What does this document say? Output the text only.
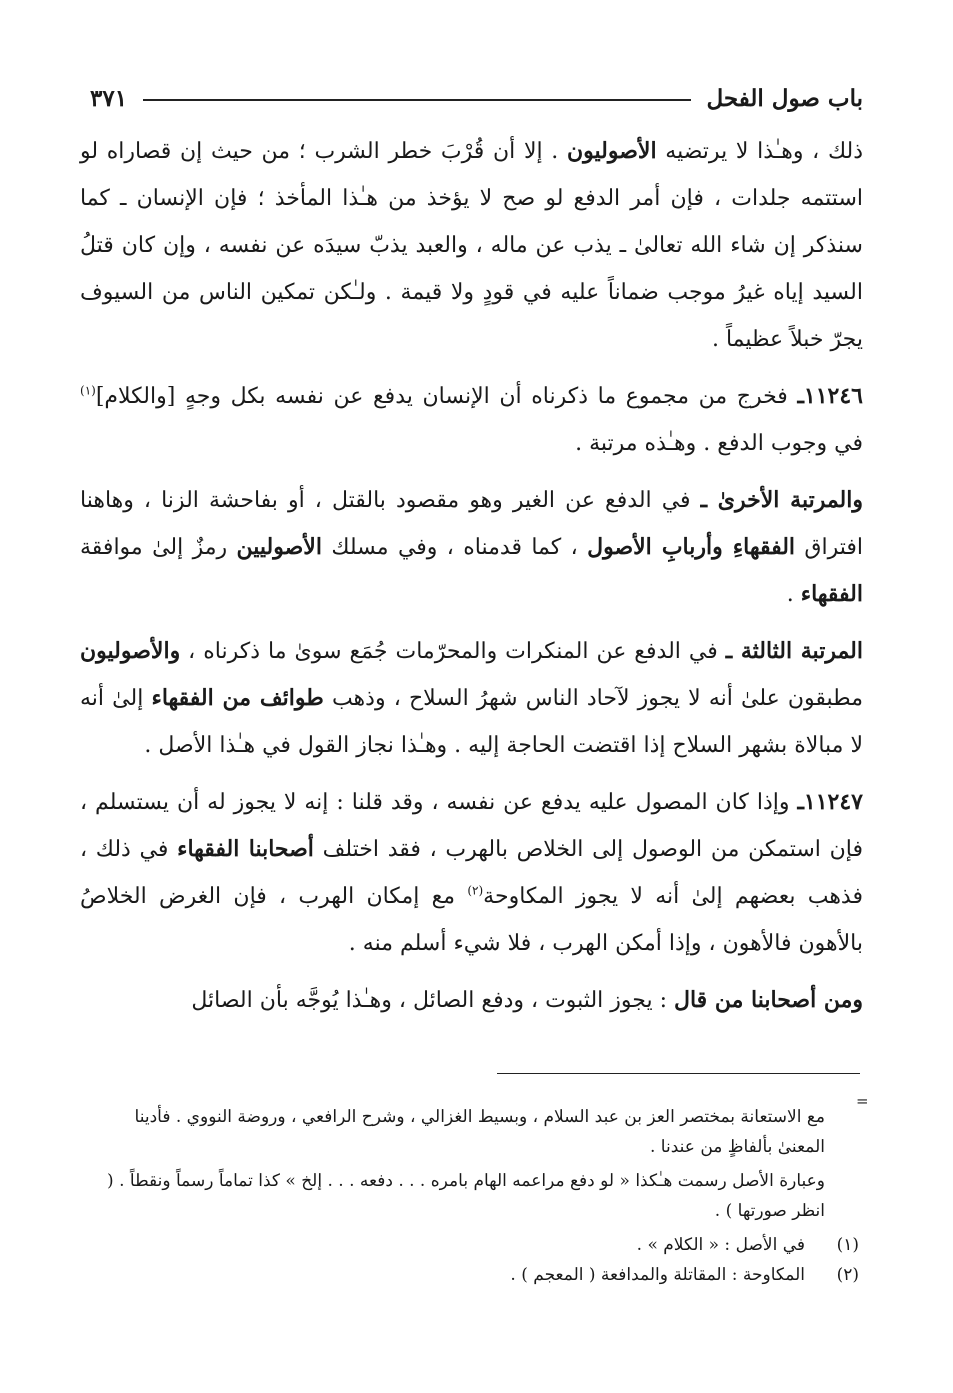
باب صول الفحل
٣٧١

ذلك ، وهـٰذا لا يرتضيه الأصوليون . إلا أن قُرْبَ خطر الشرب ؛ من حيث إن قصاراه لو استتمه جلدات ، فإن أمر الدفع لو صح لا يؤخذ من هـٰذا المأخذ ؛ فإن الإنسان ـ كما سنذكر إن شاء الله تعالىٰ ـ يذب عن ماله ، والعبد يذبّ سيدَه عن نفسه ، وإن كان قتلُ السيد إياه غيرُ موجب ضماناً عليه في قودٍ ولا قيمة . ولـٰكن تمكين الناس من السيوف يجرّ خبلاً عظيماً .

١١٢٤٦ـ فخرج من مجموع ما ذكرناه أن الإنسان يدفع عن نفسه بكل وجهٍ [والكلام]$^{(١)}$ في وجوب الدفع . وهـٰذه مرتبة .

والمرتبة الأخرىٰ ـ في الدفع عن الغير وهو مقصود بالقتل ، أو بفاحشة الزنا ، وهاهنا افتراق الفقهاءِ وأربابِ الأصول ، كما قدمناه ، وفي مسلك الأصوليين رمزٌ إلىٰ موافقة الفقهاء .

المرتبة الثالثة ـ في الدفع عن المنكرات والمحرّمات جُمَع سوىٰ ما ذكرناه ، والأصوليون مطبقون علىٰ أنه لا يجوز لآحاد الناس شهرُ السلاح ، وذهب طوائف من الفقهاء إلىٰ أنه لا مبالاة بشهر السلاح إذا اقتضت الحاجة إليه . وهـٰذا نجاز القول في هـٰذا الأصل .

١١٢٤٧ـ وإذا كان المصول عليه يدفع عن نفسه ، وقد قلنا : إنه لا يجوز له أن يستسلم ، فإن استمكن من الوصول إلى الخلاص بالهرب ، فقد اختلف أصحابنا الفقهاء في ذلك ، فذهب بعضهم إلىٰ أنه لا يجوز المكاوحة$^{(٢)}$ مع إمكان الهرب ، فإن الغرض الخلاصُ بالأهون فالأهون ، وإذا أمكن الهرب ، فلا شيء أسلم منه .

ومن أصحابنا من قال : يجوز الثبوت ، ودفع الصائل ، وهـٰذا يُوجَّه بأن الصائل

=

مع الاستعانة بمختصر العز بن عبد السلام ، وبسيط الغزالي ، وشرح الرافعي ، وروضة النووي . فأدينا المعنىٰ بألفاظٍ من عندنا .

وعبارة الأصل رسمت هـٰكذا « لو دفع مراعمه الهام بامره . . . دفعه . . . إلخ » كذا تماماً رسماً ونقطاً . ( انظر صورتها ) .

(١)
في الأصل : « الكلام » .

(٢)
المكاوحة : المقاتلة والمدافعة ( المعجم ) .
